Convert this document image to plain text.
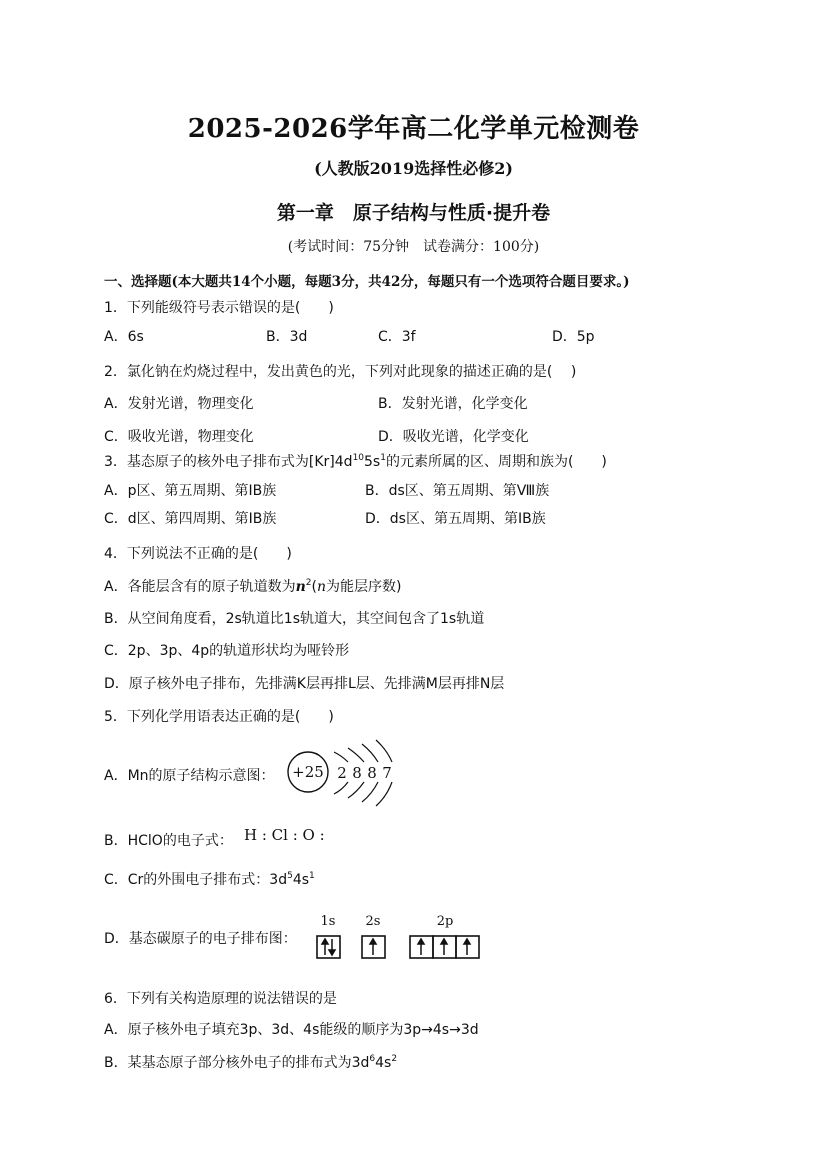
2025-2026学年高二化学单元检测卷
(人教版2019选择性必修2)
第一章　原子结构与性质·提升卷
(考试时间：75分钟　试卷满分：100分)
一、选择题(本大题共14个小题，每题3分，共42分，每题只有一个选项符合题目要求。)
1．下列能级符号表示错误的是(　　)
A．6s	B．3d	C．3f	D．5p
2．氯化钠在灼烧过程中，发出黄色的光，下列对此现象的描述正确的是(　 )
A．发射光谱，物理变化	B．发射光谱，化学变化
C．吸收光谱，物理变化	D．吸收光谱，化学变化
3．基态原子的核外电子排布式为$[Kr]4d^{10}5s^1$的元素所属的区、周期和族为(　　)
A．p区、第五周期、第ⅠB族	B．ds区、第五周期、第Ⅷ族
C．d区、第四周期、第ⅠB族	D．ds区、第五周期、第ⅠB族
4．下列说法不正确的是(　　)
A．各能层含有的原子轨道数为$n^2(n$为能层序数)
B．从空间角度看，2s轨道比1s轨道大，其空间包含了1s轨道
C．2p、3p、4p的轨道形状均为哑铃形
D．原子核外电子排布，先排满K层再排L层、先排满M层再排N层
5．下列化学用语表达正确的是(　　)
A．Mn的原子结构示意图： +25 2 8 8 7
B．HClO的电子式： H : Cl : O :
C．Cr的外围电子排布式：$3d^54s^1$
D．基态碳原子的电子排布图：
1s 2s	2p
6．下列有关构造原理的说法错误的是
A．原子核外电子填充3p、3d、4s能级的顺序为3p→4s→3d
B．某基态原子部分核外电子的排布式为$3d^64s^2$
